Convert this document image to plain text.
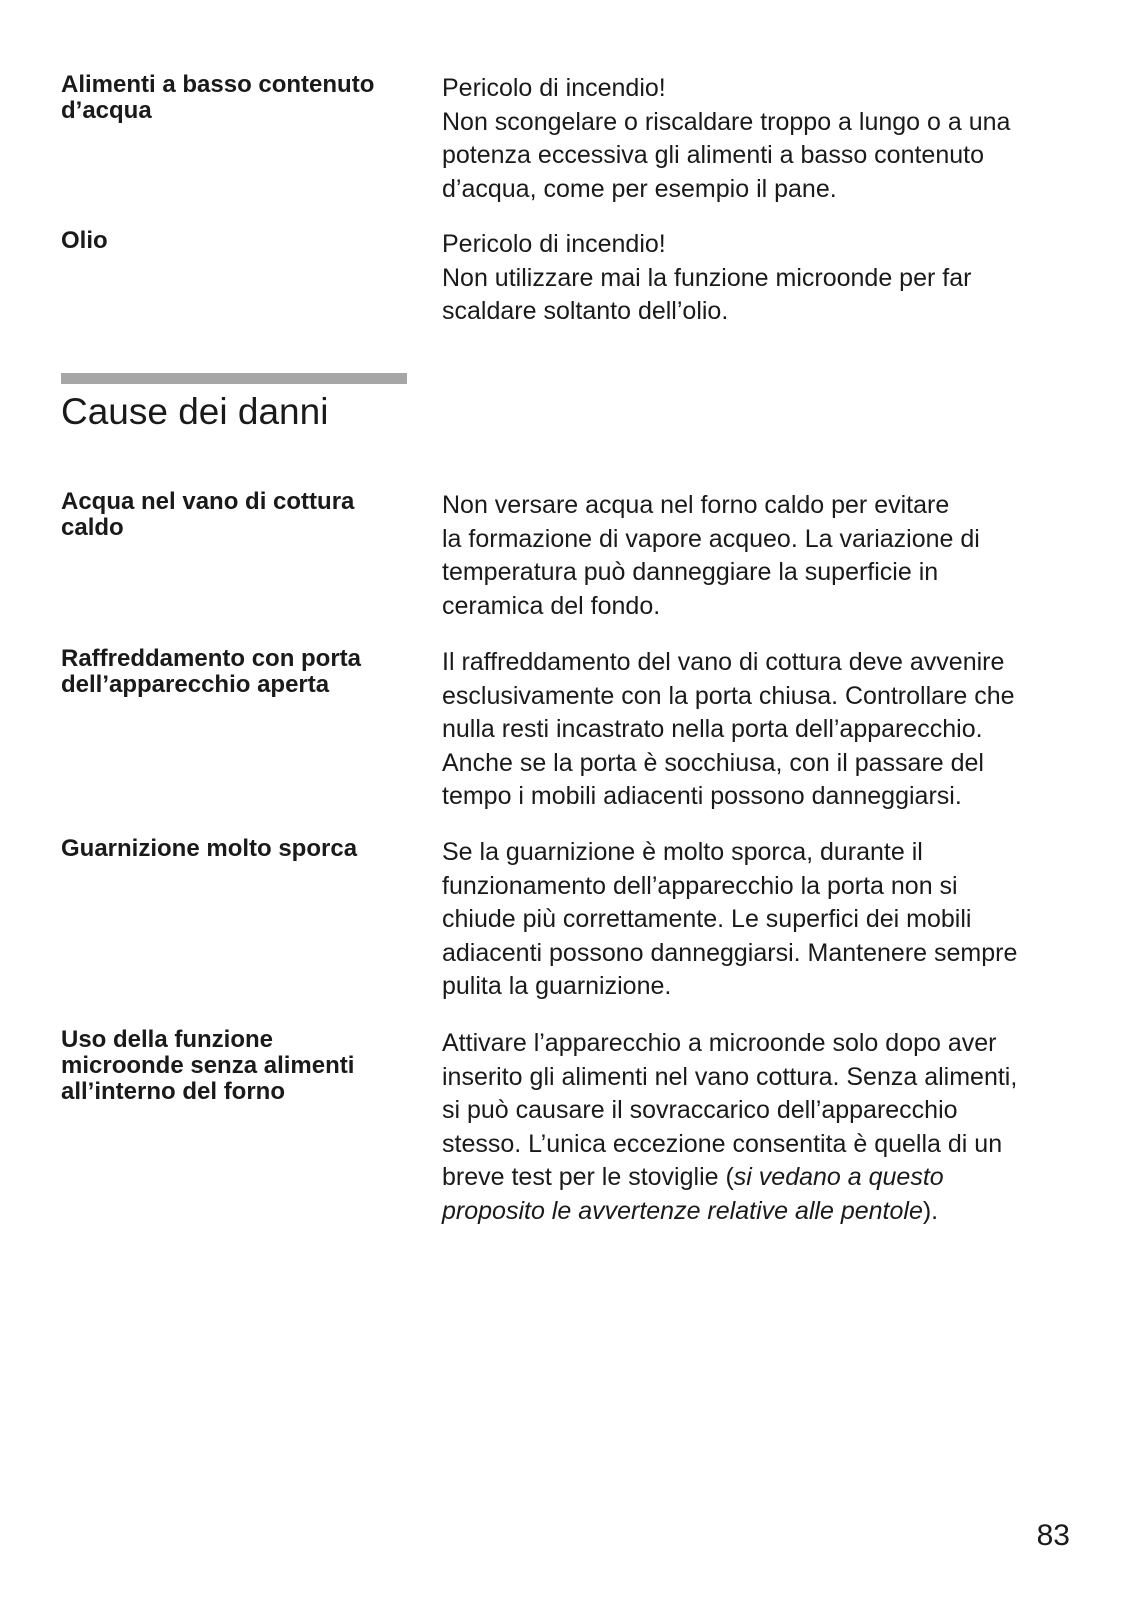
Alimenti a basso contenuto
d’acqua
Pericolo di incendio!
Non scongelare o riscaldare troppo a lungo o a una
potenza eccessiva gli alimenti a basso contenuto
d’acqua, come per esempio il pane.
Olio	Pericolo di incendio!
Non utilizzare mai la funzione microonde per far
scaldare soltanto dell’olio.
Cause dei danni
Acqua nel vano di cottura
caldo
Non versare acqua nel forno caldo per evitare
la formazione di vapore acqueo. La variazione di
temperatura può danneggiare la superficie in
ceramica del fondo.
Raffreddamento con porta
dell’apparecchio aperta
Il raffreddamento del vano di cottura deve avvenire
esclusivamente con la porta chiusa. Controllare che
nulla resti incastrato nella porta dell’apparecchio.
Anche se la porta è socchiusa, con il passare del
tempo i mobili adiacenti possono danneggiarsi.
Guarnizione molto sporca	Se la guarnizione è molto sporca, durante il
funzionamento dell’apparecchio la porta non si
chiude più correttamente. Le superfici dei mobili
adiacenti possono danneggiarsi. Mantenere sempre
pulita la guarnizione.
Uso della funzione
microonde senza alimenti
all’interno del forno
Attivare l’apparecchio a microonde solo dopo aver
inserito gli alimenti nel vano cottura. Senza alimenti,
si può causare il sovraccarico dell’apparecchio
stesso. L’unica eccezione consentita è quella di un
breve test per le stoviglie (si vedano a questo
proposito le avvertenze relative alle pentole).
83
